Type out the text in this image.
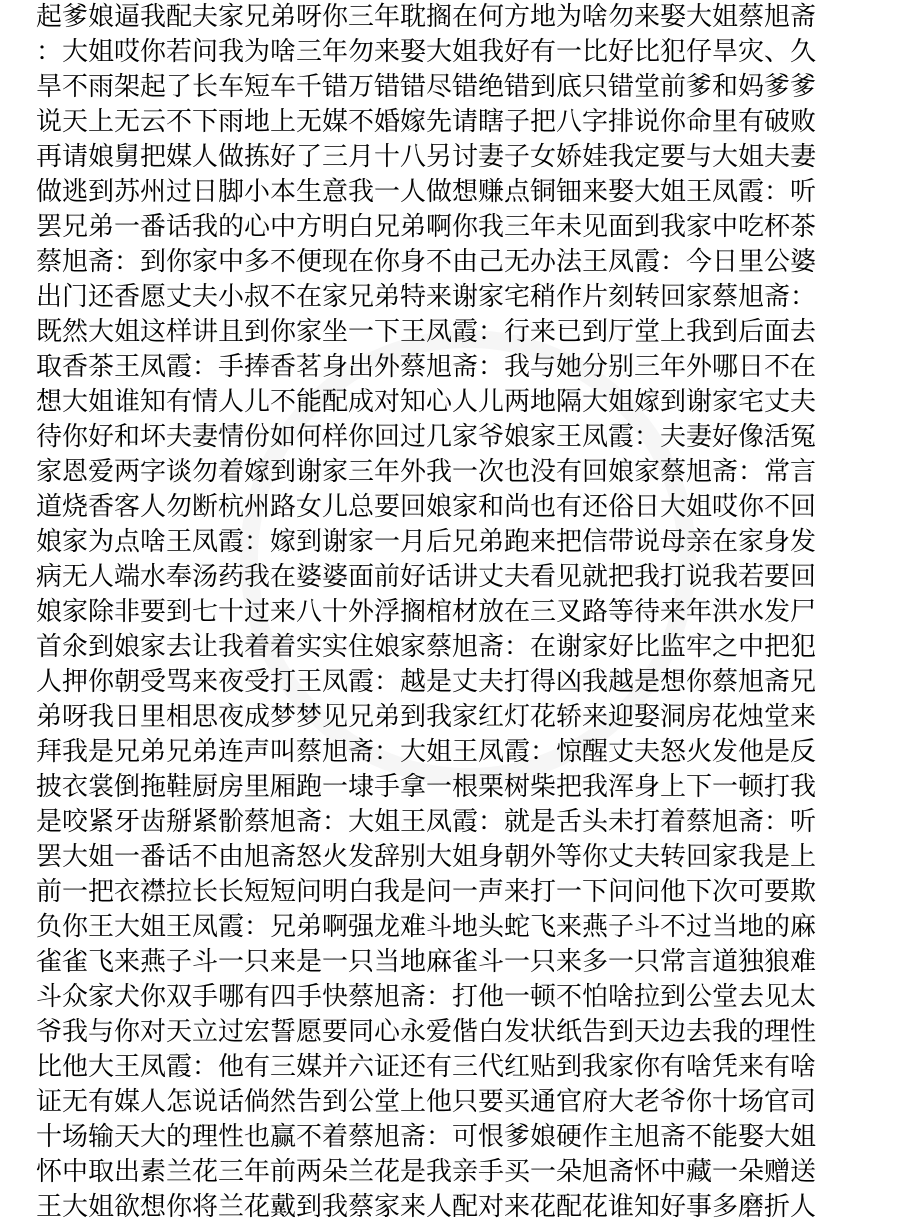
起爹娘逼我配夫家兄弟呀你三年耽搁在何方地为啥勿来娶大姐蔡旭斋
：大姐哎你若问我为啥三年勿来娶大姐我好有一比好比犯仔旱灾、久
旱不雨架起了长车短车千错万错错尽错绝错到底只错堂前爹和妈爹爹
说天上无云不下雨地上无媒不婚嫁先请瞎子把八字排说你命里有破败
再请娘舅把媒人做拣好了三月十八另讨妻子女娇娃我定要与大姐夫妻
做逃到苏州过日脚小本生意我一人做想赚点铜钿来娶大姐王凤霞：听
罢兄弟一番话我的心中方明白兄弟啊你我三年未见面到我家中吃杯茶
蔡旭斋：到你家中多不便现在你身不由己无办法王凤霞：今日里公婆
出门还香愿丈夫小叔不在家兄弟特来谢家宅稍作片刻转回家蔡旭斋：
既然大姐这样讲且到你家坐一下王凤霞：行来已到厅堂上我到后面去
取香茶王凤霞：手捧香茗身出外蔡旭斋：我与她分别三年外哪日不在
想大姐谁知有情人儿不能配成对知心人儿两地隔大姐嫁到谢家宅丈夫
待你好和坏夫妻情份如何样你回过几家爷娘家王凤霞：夫妻好像活冤
家恩爱两字谈勿着嫁到谢家三年外我一次也没有回娘家蔡旭斋：常言
道烧香客人勿断杭州路女儿总要回娘家和尚也有还俗日大姐哎你不回
娘家为点啥王凤霞：嫁到谢家一月后兄弟跑来把信带说母亲在家身发
病无人端水奉汤药我在婆婆面前好话讲丈夫看见就把我打说我若要回
娘家除非要到七十过来八十外浮搁棺材放在三叉路等待来年洪水发尸
首氽到娘家去让我着着实实住娘家蔡旭斋：在谢家好比监牢之中把犯
人押你朝受骂来夜受打王凤霞：越是丈夫打得凶我越是想你蔡旭斋兄
弟呀我日里相思夜成梦梦见兄弟到我家红灯花轿来迎娶洞房花烛堂来
拜我是兄弟兄弟连声叫蔡旭斋：大姐王凤霞：惊醒丈夫怒火发他是反
披衣裳倒拖鞋厨房里厢跑一埭手拿一根栗树柴把我浑身上下一顿打我
是咬紧牙齿掰紧骱蔡旭斋：大姐王凤霞：就是舌头未打着蔡旭斋：听
罢大姐一番话不由旭斋怒火发辞别大姐身朝外等你丈夫转回家我是上
前一把衣襟拉长长短短问明白我是问一声来打一下问问他下次可要欺
负你王大姐王凤霞：兄弟啊强龙难斗地头蛇飞来燕子斗不过当地的麻
雀雀飞来燕子斗一只来是一只当地麻雀斗一只来多一只常言道独狼难
斗众家犬你双手哪有四手快蔡旭斋：打他一顿不怕啥拉到公堂去见太
爷我与你对天立过宏誓愿要同心永爱偕白发状纸告到天边去我的理性
比他大王凤霞：他有三媒并六证还有三代红贴到我家你有啥凭来有啥
证无有媒人怎说话倘然告到公堂上他只要买通官府大老爷你十场官司
十场输天大的理性也赢不着蔡旭斋：可恨爹娘硬作主旭斋不能娶大姐
怀中取出素兰花三年前两朵兰花是我亲手买一朵旭斋怀中藏一朵赠送
王大姐欲想你将兰花戴到我蔡家来人配对来花配花谁知好事多磨折人
